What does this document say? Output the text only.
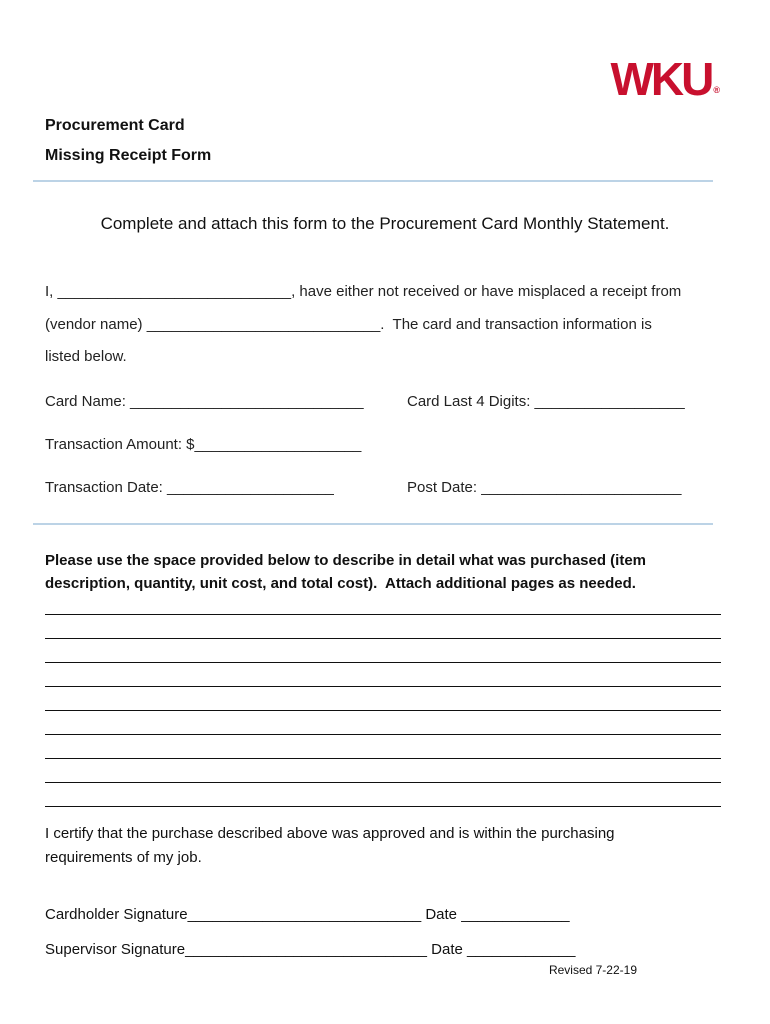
WKU ®
Procurement Card
Missing Receipt Form
Complete and attach this form to the Procurement Card Monthly Statement.
I, ____________________________, have either not received or have misplaced a receipt from
(vendor name) ____________________________.  The card and transaction information is
listed below.
Card Name: ____________________________	Card Last 4 Digits: __________________
Transaction Amount: $____________________
Transaction Date: ____________________	Post Date: ________________________
Please use the space provided below to describe in detail what was purchased (item
description, quantity, unit cost, and total cost).  Attach additional pages as needed.
I certify that the purchase described above was approved and is within the purchasing requirements of my job.
Cardholder Signature____________________________ Date _____________
Supervisor Signature_____________________________ Date _____________
Revised 7-22-19
